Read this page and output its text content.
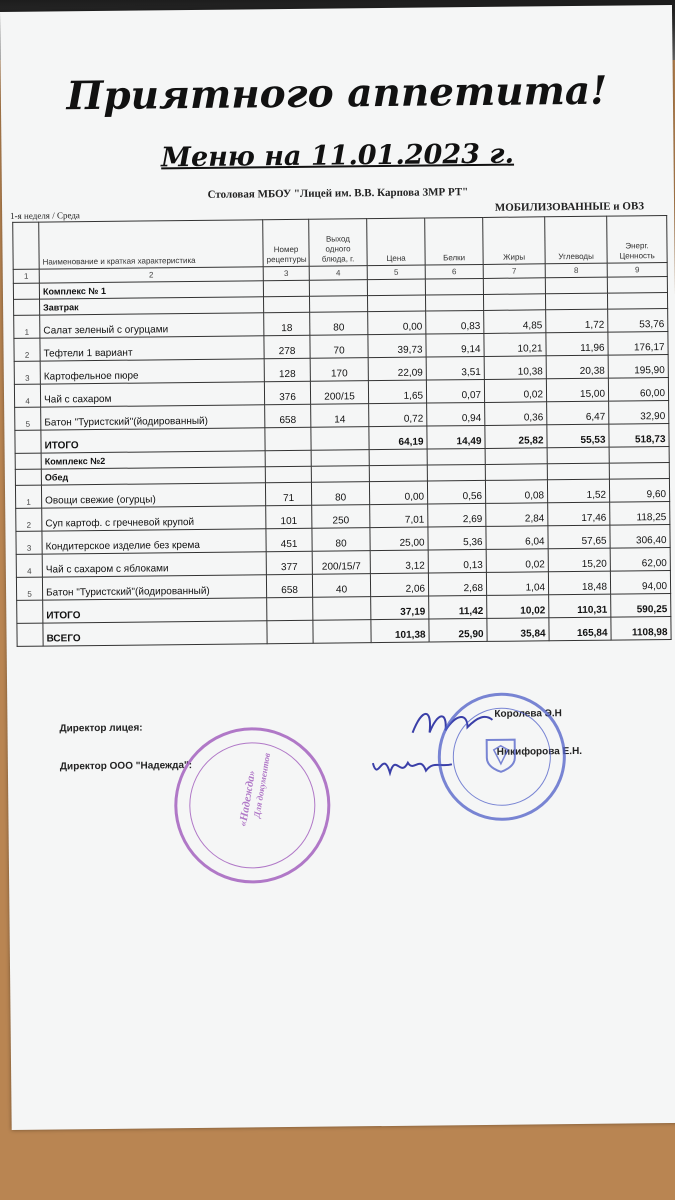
Приятного аппетита!
Меню на 11.01.2023 г.
Столовая МБОУ "Лицей им. В.В. Карпова ЗМР РТ"
1-я неделя / Среда
МОБИЛИЗОВАННЫЕ и ОВЗ
	Наименование и краткая характеристика	Номер рецептуры	Выход одного блюда, г.	Цена	Белки	Жиры	Углеводы	Энерг. Ценность
1	2	3	4	5	6	7	8	9
	Комплекс № 1							
	Завтрак							
1	Салат зеленый с огурцами	18	80	0,00	0,83	4,85	1,72	53,76
2	Тефтели 1 вариант	278	70	39,73	9,14	10,21	11,96	176,17
3	Картофельное пюре	128	170	22,09	3,51	10,38	20,38	195,90
4	Чай с сахаром	376	200/15	1,65	0,07	0,02	15,00	60,00
5	Батон "Туристский"(йодированный)	658	14	0,72	0,94	0,36	6,47	32,90
	ИТОГО			64,19	14,49	25,82	55,53	518,73
	Комплекс №2							
	Обед							
1	Овощи свежие (огурцы)	71	80	0,00	0,56	0,08	1,52	9,60
2	Суп картоф. с гречневой крупой	101	250	7,01	2,69	2,84	17,46	118,25
3	Кондитерское изделие без крема	451	80	25,00	5,36	6,04	57,65	306,40
4	Чай с сахаром с яблоками	377	200/15/7	3,12	0,13	0,02	15,20	62,00
5	Батон "Туристский"(йодированный)	658	40	2,06	2,68	1,04	18,48	94,00
	ИТОГО			37,19	11,42	10,02	110,31	590,25
	ВСЕГО			101,38	25,90	35,84	165,84	1108,98
Директор лицея:
Директор ООО "Надежда":
Королева Э.Н
Никифорова Е.Н.
«Надежда»
Для документов
